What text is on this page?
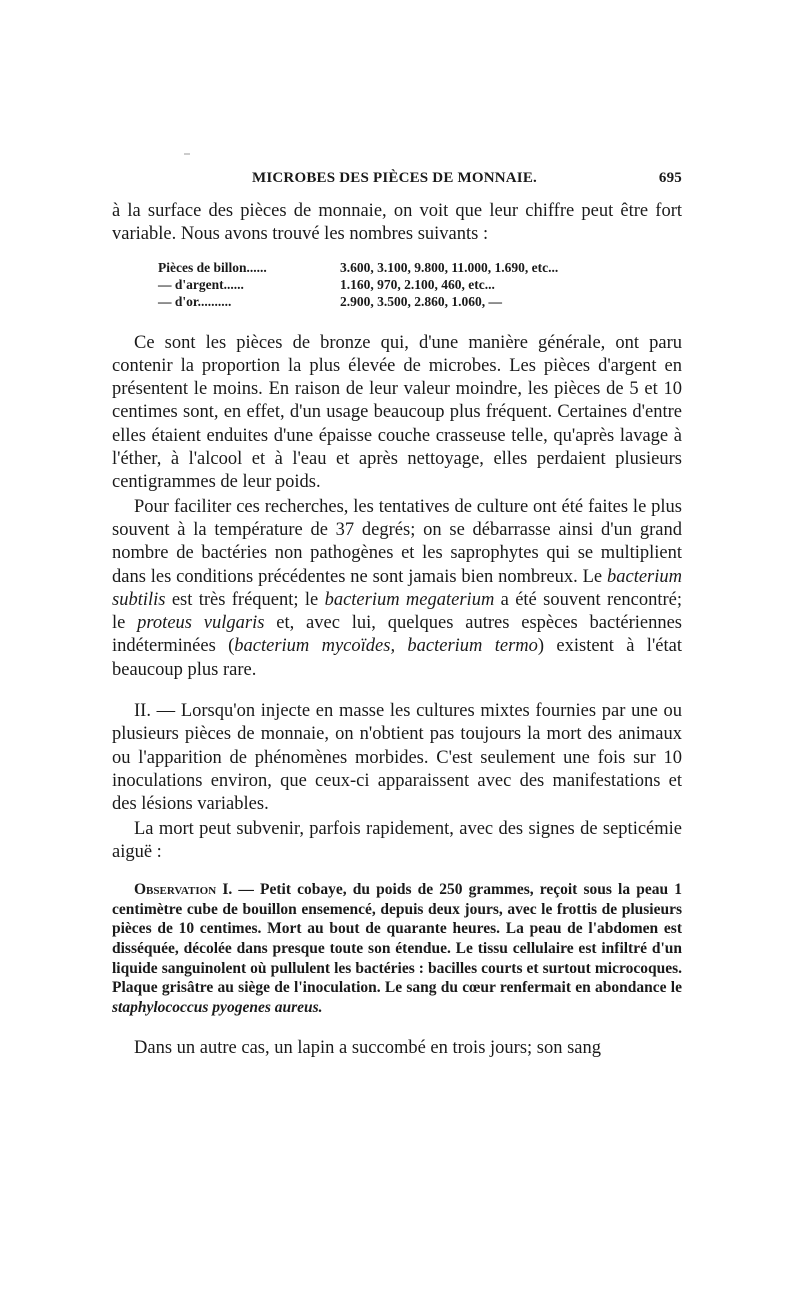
MICROBES DES PIÈCES DE MONNAIE.	695

à la surface des pièces de monnaie, on voit que leur chiffre peut être fort variable. Nous avons trouvé les nombres suivants :

Pièces de billon......	3.600, 3.100, 9.800, 11.000, 1.690, etc...
— d'argent......	1.160, 970, 2.100, 460, etc...
— d'or..........	2.900, 3.500, 2.860, 1.060, —

Ce sont les pièces de bronze qui, d'une manière générale, ont paru contenir la proportion la plus élevée de microbes. Les pièces d'argent en présentent le moins. En raison de leur valeur moindre, les pièces de 5 et 10 centimes sont, en effet, d'un usage beaucoup plus fréquent. Certaines d'entre elles étaient enduites d'une épaisse couche crasseuse telle, qu'après lavage à l'éther, à l'alcool et à l'eau et après nettoyage, elles perdaient plusieurs centigrammes de leur poids.

Pour faciliter ces recherches, les tentatives de culture ont été faites le plus souvent à la température de 37 degrés; on se débarrasse ainsi d'un grand nombre de bactéries non pathogènes et les saprophytes qui se multiplient dans les conditions précédentes ne sont jamais bien nombreux. Le bacterium subtilis est très fréquent; le bacterium megaterium a été souvent rencontré; le proteus vulgaris et, avec lui, quelques autres espèces bactériennes indéterminées (bacterium mycoïdes, bacterium termo) existent à l'état beaucoup plus rare.

II. — Lorsqu'on injecte en masse les cultures mixtes fournies par une ou plusieurs pièces de monnaie, on n'obtient pas toujours la mort des animaux ou l'apparition de phénomènes morbides. C'est seulement une fois sur 10 inoculations environ, que ceux-ci apparaissent avec des manifestations et des lésions variables.

La mort peut subvenir, parfois rapidement, avec des signes de septicémie aiguë :

Observation I. — Petit cobaye, du poids de 250 grammes, reçoit sous la peau 1 centimètre cube de bouillon ensemencé, depuis deux jours, avec le frottis de plusieurs pièces de 10 centimes. Mort au bout de quarante heures. La peau de l'abdomen est disséquée, décolée dans presque toute son étendue. Le tissu cellulaire est infiltré d'un liquide sanguinolent où pullulent les bactéries : bacilles courts et surtout microcoques. Plaque grisâtre au siège de l'inoculation. Le sang du cœur renfermait en abondance le staphylococcus pyogenes aureus.

Dans un autre cas, un lapin a succombé en trois jours; son sang
